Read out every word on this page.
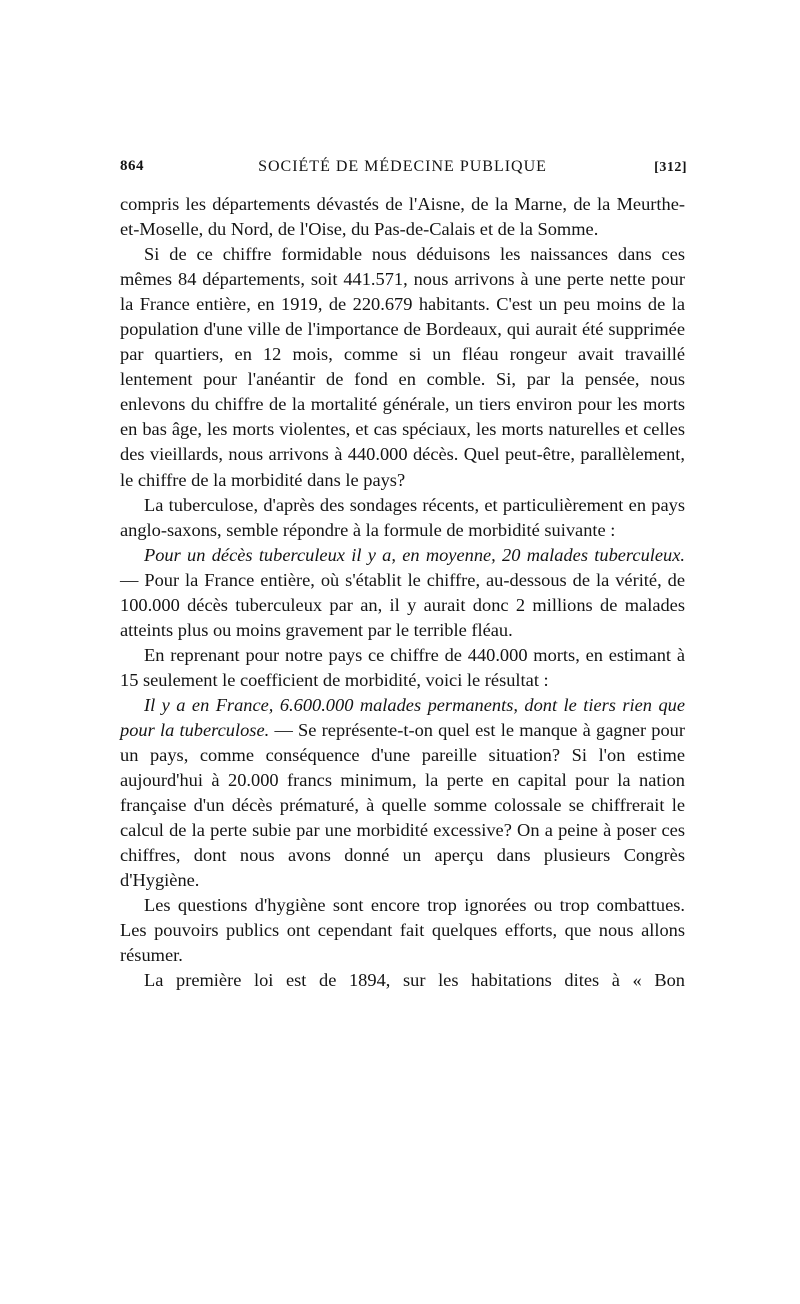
864	SOCIÉTÉ DE MÉDECINE PUBLIQUE	[312]

compris les départements dévastés de l'Aisne, de la Marne, de la Meurthe-et-Moselle, du Nord, de l'Oise, du Pas-de-Calais et de la Somme.

Si de ce chiffre formidable nous déduisons les naissances dans ces mêmes 84 départements, soit 441.571, nous arrivons à une perte nette pour la France entière, en 1919, de 220.679 habitants. C'est un peu moins de la population d'une ville de l'importance de Bordeaux, qui aurait été supprimée par quartiers, en 12 mois, comme si un fléau rongeur avait travaillé lentement pour l'anéantir de fond en comble. Si, par la pensée, nous enlevons du chiffre de la mortalité générale, un tiers environ pour les morts en bas âge, les morts violentes, et cas spéciaux, les morts naturelles et celles des vieillards, nous arrivons à 440.000 décès. Quel peut-être, parallèlement, le chiffre de la morbidité dans le pays?

La tuberculose, d'après des sondages récents, et particulièrement en pays anglo-saxons, semble répondre à la formule de morbidité suivante :

Pour un décès tuberculeux il y a, en moyenne, 20 malades tuberculeux. — Pour la France entière, où s'établit le chiffre, au-dessous de la vérité, de 100.000 décès tuberculeux par an, il y aurait donc 2 millions de malades atteints plus ou moins gravement par le terrible fléau.

En reprenant pour notre pays ce chiffre de 440.000 morts, en estimant à 15 seulement le coefficient de morbidité, voici le résultat :

Il y a en France, 6.600.000 malades permanents, dont le tiers rien que pour la tuberculose. — Se représente-t-on quel est le manque à gagner pour un pays, comme conséquence d'une pareille situation? Si l'on estime aujourd'hui à 20.000 francs minimum, la perte en capital pour la nation française d'un décès prématuré, à quelle somme colossale se chiffrerait le calcul de la perte subie par une morbidité excessive? On a peine à poser ces chiffres, dont nous avons donné un aperçu dans plusieurs Congrès d'Hygiène.

Les questions d'hygiène sont encore trop ignorées ou trop combattues. Les pouvoirs publics ont cependant fait quelques efforts, que nous allons résumer.

La première loi est de 1894, sur les habitations dites à « Bon
